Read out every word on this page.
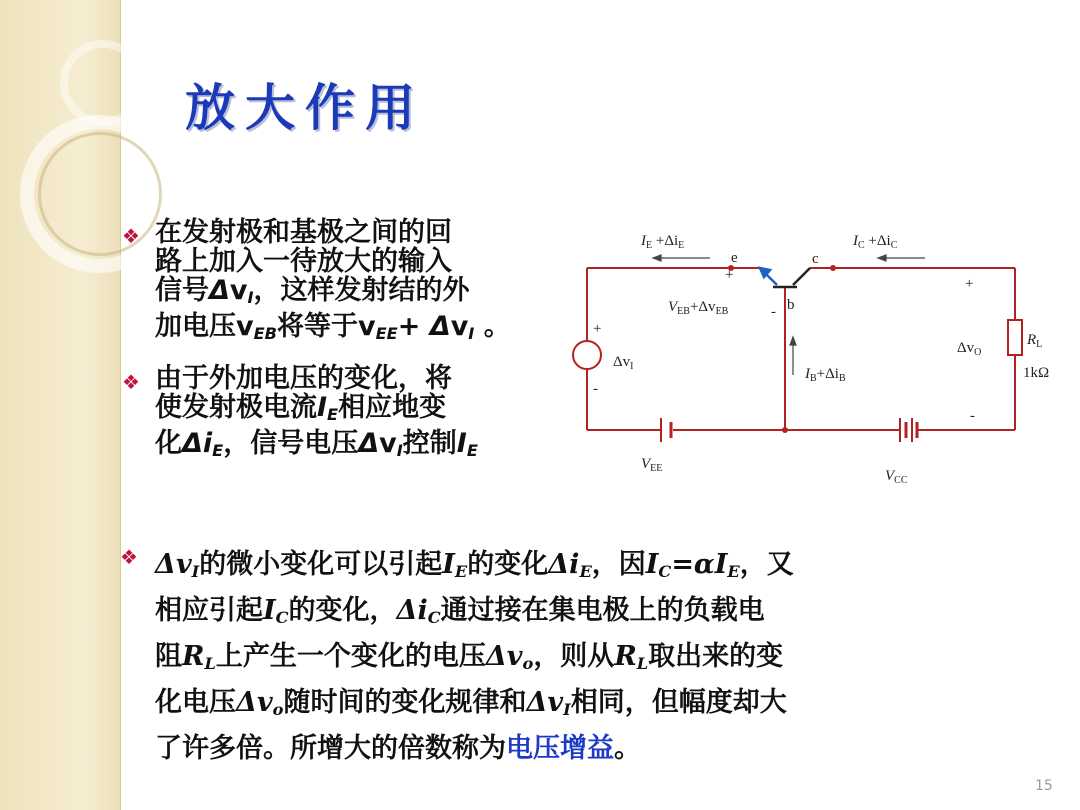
放大作用
❖ 在发射极和基极之间的回
路上加入一待放大的输入
信号$\Delta v_I$，这样发射结的外
加电压$v_{EB}$将等于$v_{EE}+ \Delta v_I$ 。
❖ 由于外加电压的变化，将
使发射极电流$I_E$相应地变
化$\Delta i_E$，信号电压$\Delta v_I$控制$I_E$
$I_E +\Delta i_E$	$I_C +\Delta i_C$
e	c
b
+
-
$V_{EB}+\Delta v_{EB}$
+
$\Delta v_I$
-
$I_B+\Delta i_B$
+
$\Delta v_O$
-
$R_L$
1kΩ
$V_{EE}$	$V_{CC}$
❖ $\Delta v_I$的微小变化可以引起$I_E$的变化$\Delta i_E$，因$I_C=\alpha I_E$，又
相应引起$I_C$的变化，$\Delta i_C$通过接在集电极上的负载电
阻$R_L$上产生一个变化的电压$\Delta v_o$，则从$R_L$取出来的变
化电压$\Delta v_o$随时间的变化规律和$\Delta v_I$相同，但幅度却大
了许多倍。所增大的倍数称为电压增益。
15
